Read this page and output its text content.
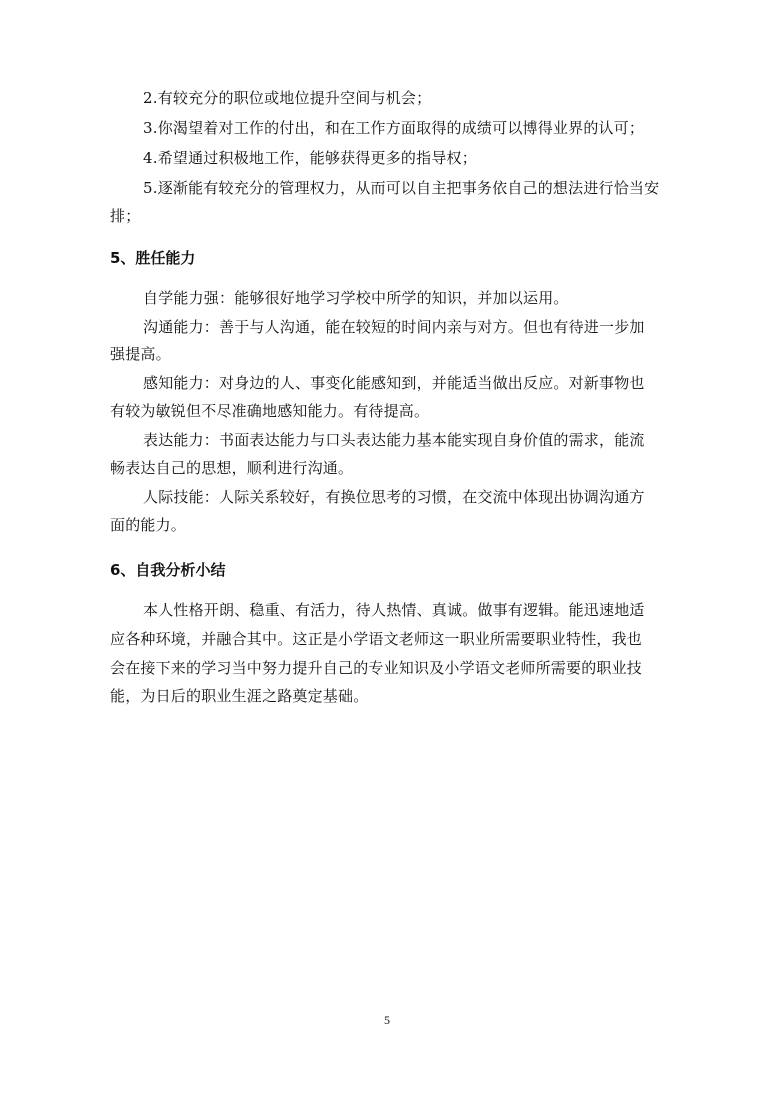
2.有较充分的职位或地位提升空间与机会；
3.你渴望着对工作的付出，和在工作方面取得的成绩可以博得业界的认可；
4.希望通过积极地工作，能够获得更多的指导权；
5.逐渐能有较充分的管理权力，从而可以自主把事务依自己的想法进行恰当安
排；
5、胜任能力
自学能力强：能够很好地学习学校中所学的知识，并加以运用。
沟通能力：善于与人沟通，能在较短的时间内亲与对方。但也有待进一步加
强提高。
感知能力：对身边的人、事变化能感知到，并能适当做出反应。对新事物也
有较为敏锐但不尽准确地感知能力。有待提高。
表达能力：书面表达能力与口头表达能力基本能实现自身价值的需求，能流
畅表达自己的思想，顺利进行沟通。
人际技能：人际关系较好，有换位思考的习惯，在交流中体现出协调沟通方
面的能力。
6、自我分析小结
本人性格开朗、稳重、有活力，待人热情、真诚。做事有逻辑。能迅速地适
应各种环境，并融合其中。这正是小学语文老师这一职业所需要职业特性，我也
会在接下来的学习当中努力提升自己的专业知识及小学语文老师所需要的职业技
能，为日后的职业生涯之路奠定基础。
5
